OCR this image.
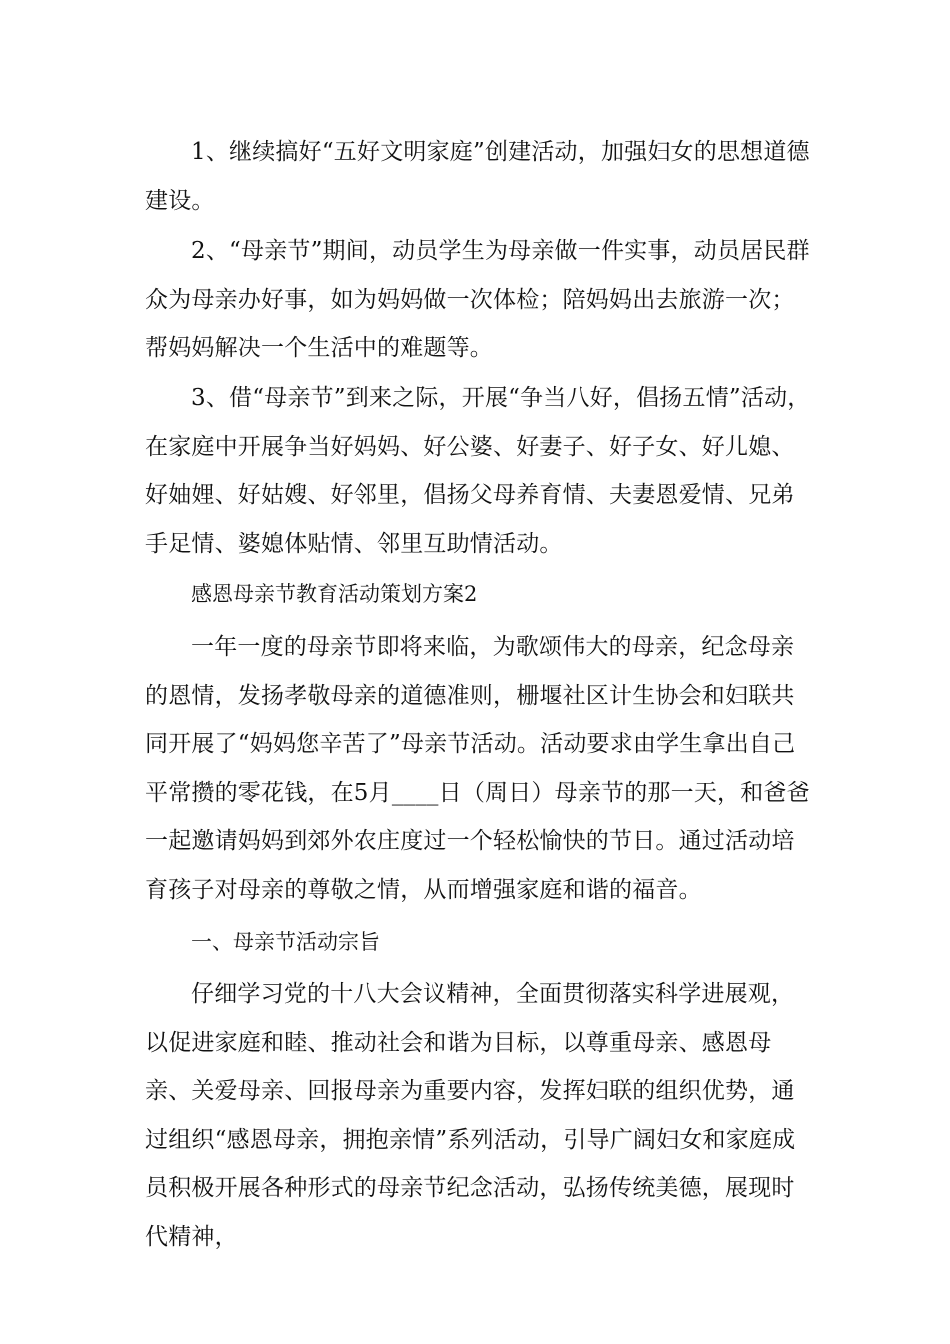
1、继续搞好“五好文明家庭”创建活动，加强妇女的思想道德建设。

2、“母亲节”期间，动员学生为母亲做一件实事，动员居民群众为母亲办好事，如为妈妈做一次体检；陪妈妈出去旅游一次；帮妈妈解决一个生活中的难题等。

3、借“母亲节”到来之际，开展“争当八好，倡扬五情”活动，在家庭中开展争当好妈妈、好公婆、好妻子、好子女、好儿媳、好妯娌、好姑嫂、好邻里，倡扬父母养育情、夫妻恩爱情、兄弟手足情、婆媳体贴情、邻里互助情活动。

感恩母亲节教育活动策划方案2

一年一度的母亲节即将来临，为歌颂伟大的母亲，纪念母亲的恩情，发扬孝敬母亲的道德准则，栅堰社区计生协会和妇联共同开展了“妈妈您辛苦了”母亲节活动。活动要求由学生拿出自己平常攒的零花钱，在5月____日（周日）母亲节的那一天，和爸爸一起邀请妈妈到郊外农庄度过一个轻松愉快的节日。通过活动培育孩子对母亲的尊敬之情，从而增强家庭和谐的福音。

一、母亲节活动宗旨

仔细学习党的十八大会议精神，全面贯彻落实科学进展观，以促进家庭和睦、推动社会和谐为目标，以尊重母亲、感恩母亲、关爱母亲、回报母亲为重要内容，发挥妇联的组织优势，通过组织“感恩母亲，拥抱亲情”系列活动，引导广阔妇女和家庭成员积极开展各种形式的母亲节纪念活动，弘扬传统美德，展现时代精神，
